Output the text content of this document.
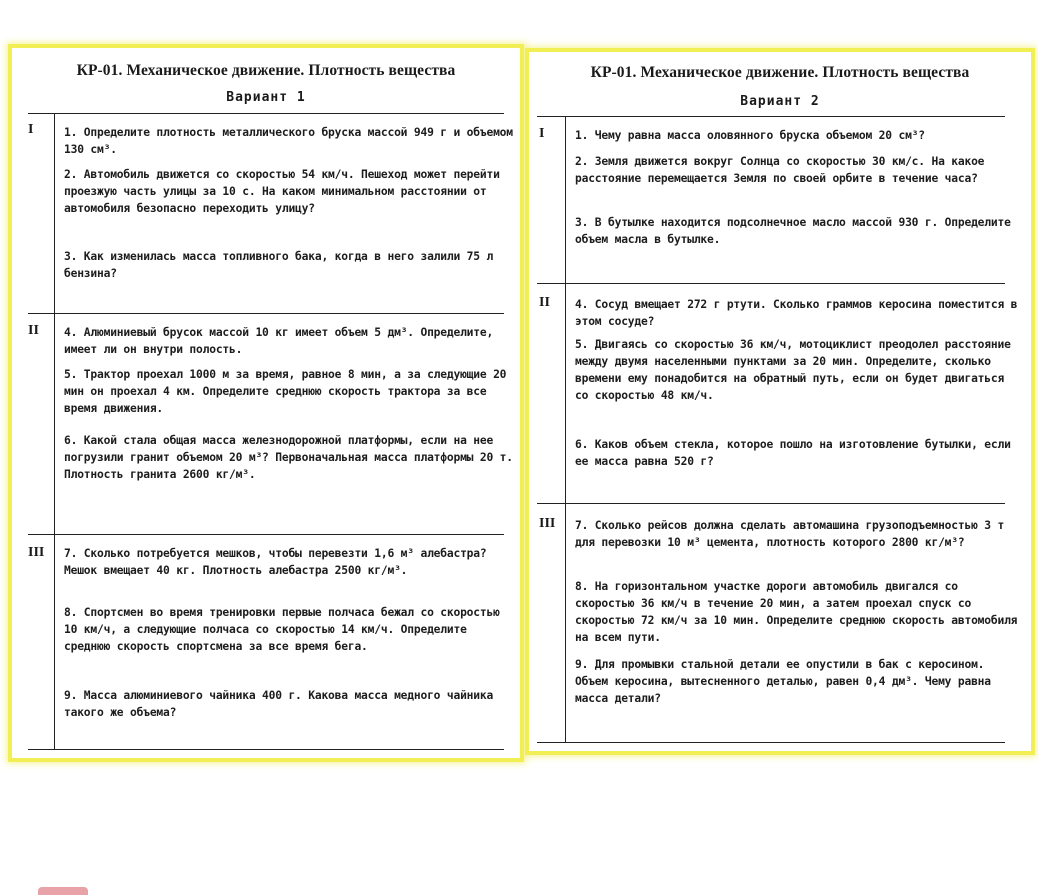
КР-01. Механическое движение. Плотность вещества
Вариант 1
I	1. Определите плотность металлического бруска массой 949 г и объемом 130 см³.

2. Автомобиль движется со скоростью 54 км/ч. Пешеход может перейти проезжую часть улицы за 10 с. На каком минимальном расстоянии от автомобиля безопасно переходить улицу?

3. Как изменилась масса топливного бака, когда в него залили 75 л бензина?

II 4. Алюминиевый брусок массой 10 кг имеет объем 5 дм³. Определите, имеет ли он внутри полость.

5. Трактор проехал 1000 м за время, равное 8 мин, а за следующие 20 мин он проехал 4 км. Определите среднюю скорость трактора за все время движения.

6. Какой стала общая масса железнодорожной платформы, если на нее погрузили гранит объемом 20 м³? Первоначальная масса платформы 20 т. Плотность гранита 2600 кг/м³.

III 7. Сколько потребуется мешков, чтобы перевезти 1,6 м³ алебастра? Мешок вмещает 40 кг. Плотность алебастра 2500 кг/м³.

8. Спортсмен во время тренировки первые полчаса бежал со скоростью 10 км/ч, а следующие полчаса со скоростью 14 км/ч. Определите среднюю скорость спортсмена за все время бега.

9. Масса алюминиевого чайника 400 г. Какова масса медного чайника такого же объема?

КР-01. Механическое движение. Плотность вещества
Вариант 2
I	1. Чему равна масса оловянного бруска объемом 20 см³?

2. Земля движется вокруг Солнца со скоростью 30 км/с. На какое расстояние перемещается Земля по своей орбите в течение часа?

3. В бутылке находится подсолнечное масло массой 930 г. Определите объем масла в бутылке.

II 4. Сосуд вмещает 272 г ртути. Сколько граммов керосина поместится в этом сосуде?

5. Двигаясь со скоростью 36 км/ч, мотоциклист преодолел расстояние между двумя населенными пунктами за 20 мин. Определите, сколько времени ему понадобится на обратный путь, если он будет двигаться со скоростью 48 км/ч.

6. Каков объем стекла, которое пошло на изготовление бутылки, если ее масса равна 520 г?

III 7. Сколько рейсов должна сделать автомашина грузоподъемностью 3 т для перевозки 10 м³ цемента, плотность которого 2800 кг/м³?

8. На горизонтальном участке дороги автомобиль двигался со скоростью 36 км/ч в течение 20 мин, а затем проехал спуск со скоростью 72 км/ч за 10 мин. Определите среднюю скорость автомобиля на всем пути.

9. Для промывки стальной детали ее опустили в бак с керосином. Объем керосина, вытесненного деталью, равен 0,4 дм³. Чему равна масса детали?
